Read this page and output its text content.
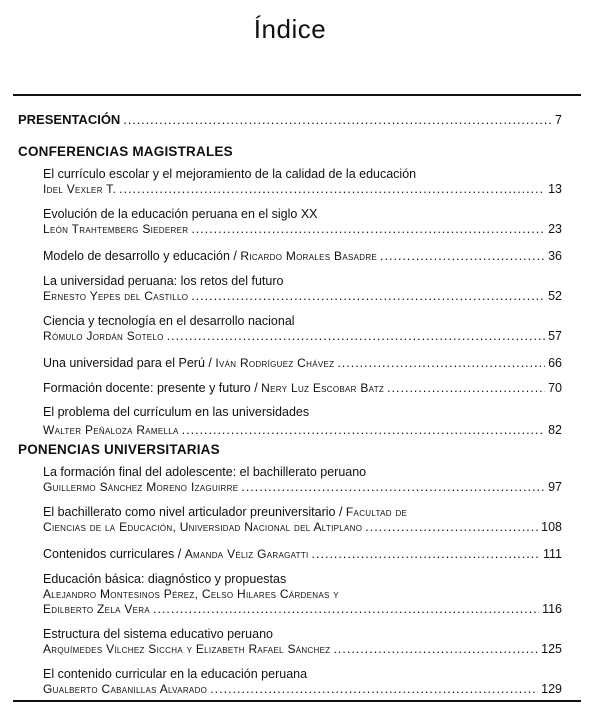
Índice
PRESENTACIÓN .....	7
CONFERENCIAS MAGISTRALES
El currículo escolar y el mejoramiento de la calidad de la educación
Idel Vexler T. .....	13
Evolución de la educación peruana en el siglo XX
León Trahtemberg Siederer .....	23
Modelo de desarrollo y educación / Ricardo Morales Basadre .....	36
La universidad peruana: los retos del futuro
Ernesto Yepes del Castillo .....	52
Ciencia y tecnología en el desarrollo nacional
Rómulo Jordán Sotelo .....	57
Una universidad para el Perú / Iván Rodríguez Chávez .....	66
Formación docente: presente y futuro / Nery Luz Escobar Batz .....	70
El problema del currículum en las universidades
Walter Peñaloza Ramella .....	82
PONENCIAS UNIVERSITARIAS
La formación final del adolescente: el bachillerato peruano
Guillermo Sánchez Moreno Izaguirre .....	97
El bachillerato como nivel articulador preuniversitario / Facultad de
Ciencias de la Educación, Universidad Nacional del Altiplano .....	108
Contenidos curriculares / Amanda Véliz Garagatti .....	111
Educación básica: diagnóstico y propuestas
Alejandro Montesinos Pérez, Celso Hilares Cárdenas y
Edilberto Zela Vera .....	116
Estructura del sistema educativo peruano
Arquímedes Vílchez Siccha y Elizabeth Rafael Sánchez .....	125
El contenido curricular en la educación peruana
Gualberto Cabanillas Alvarado .....	129
